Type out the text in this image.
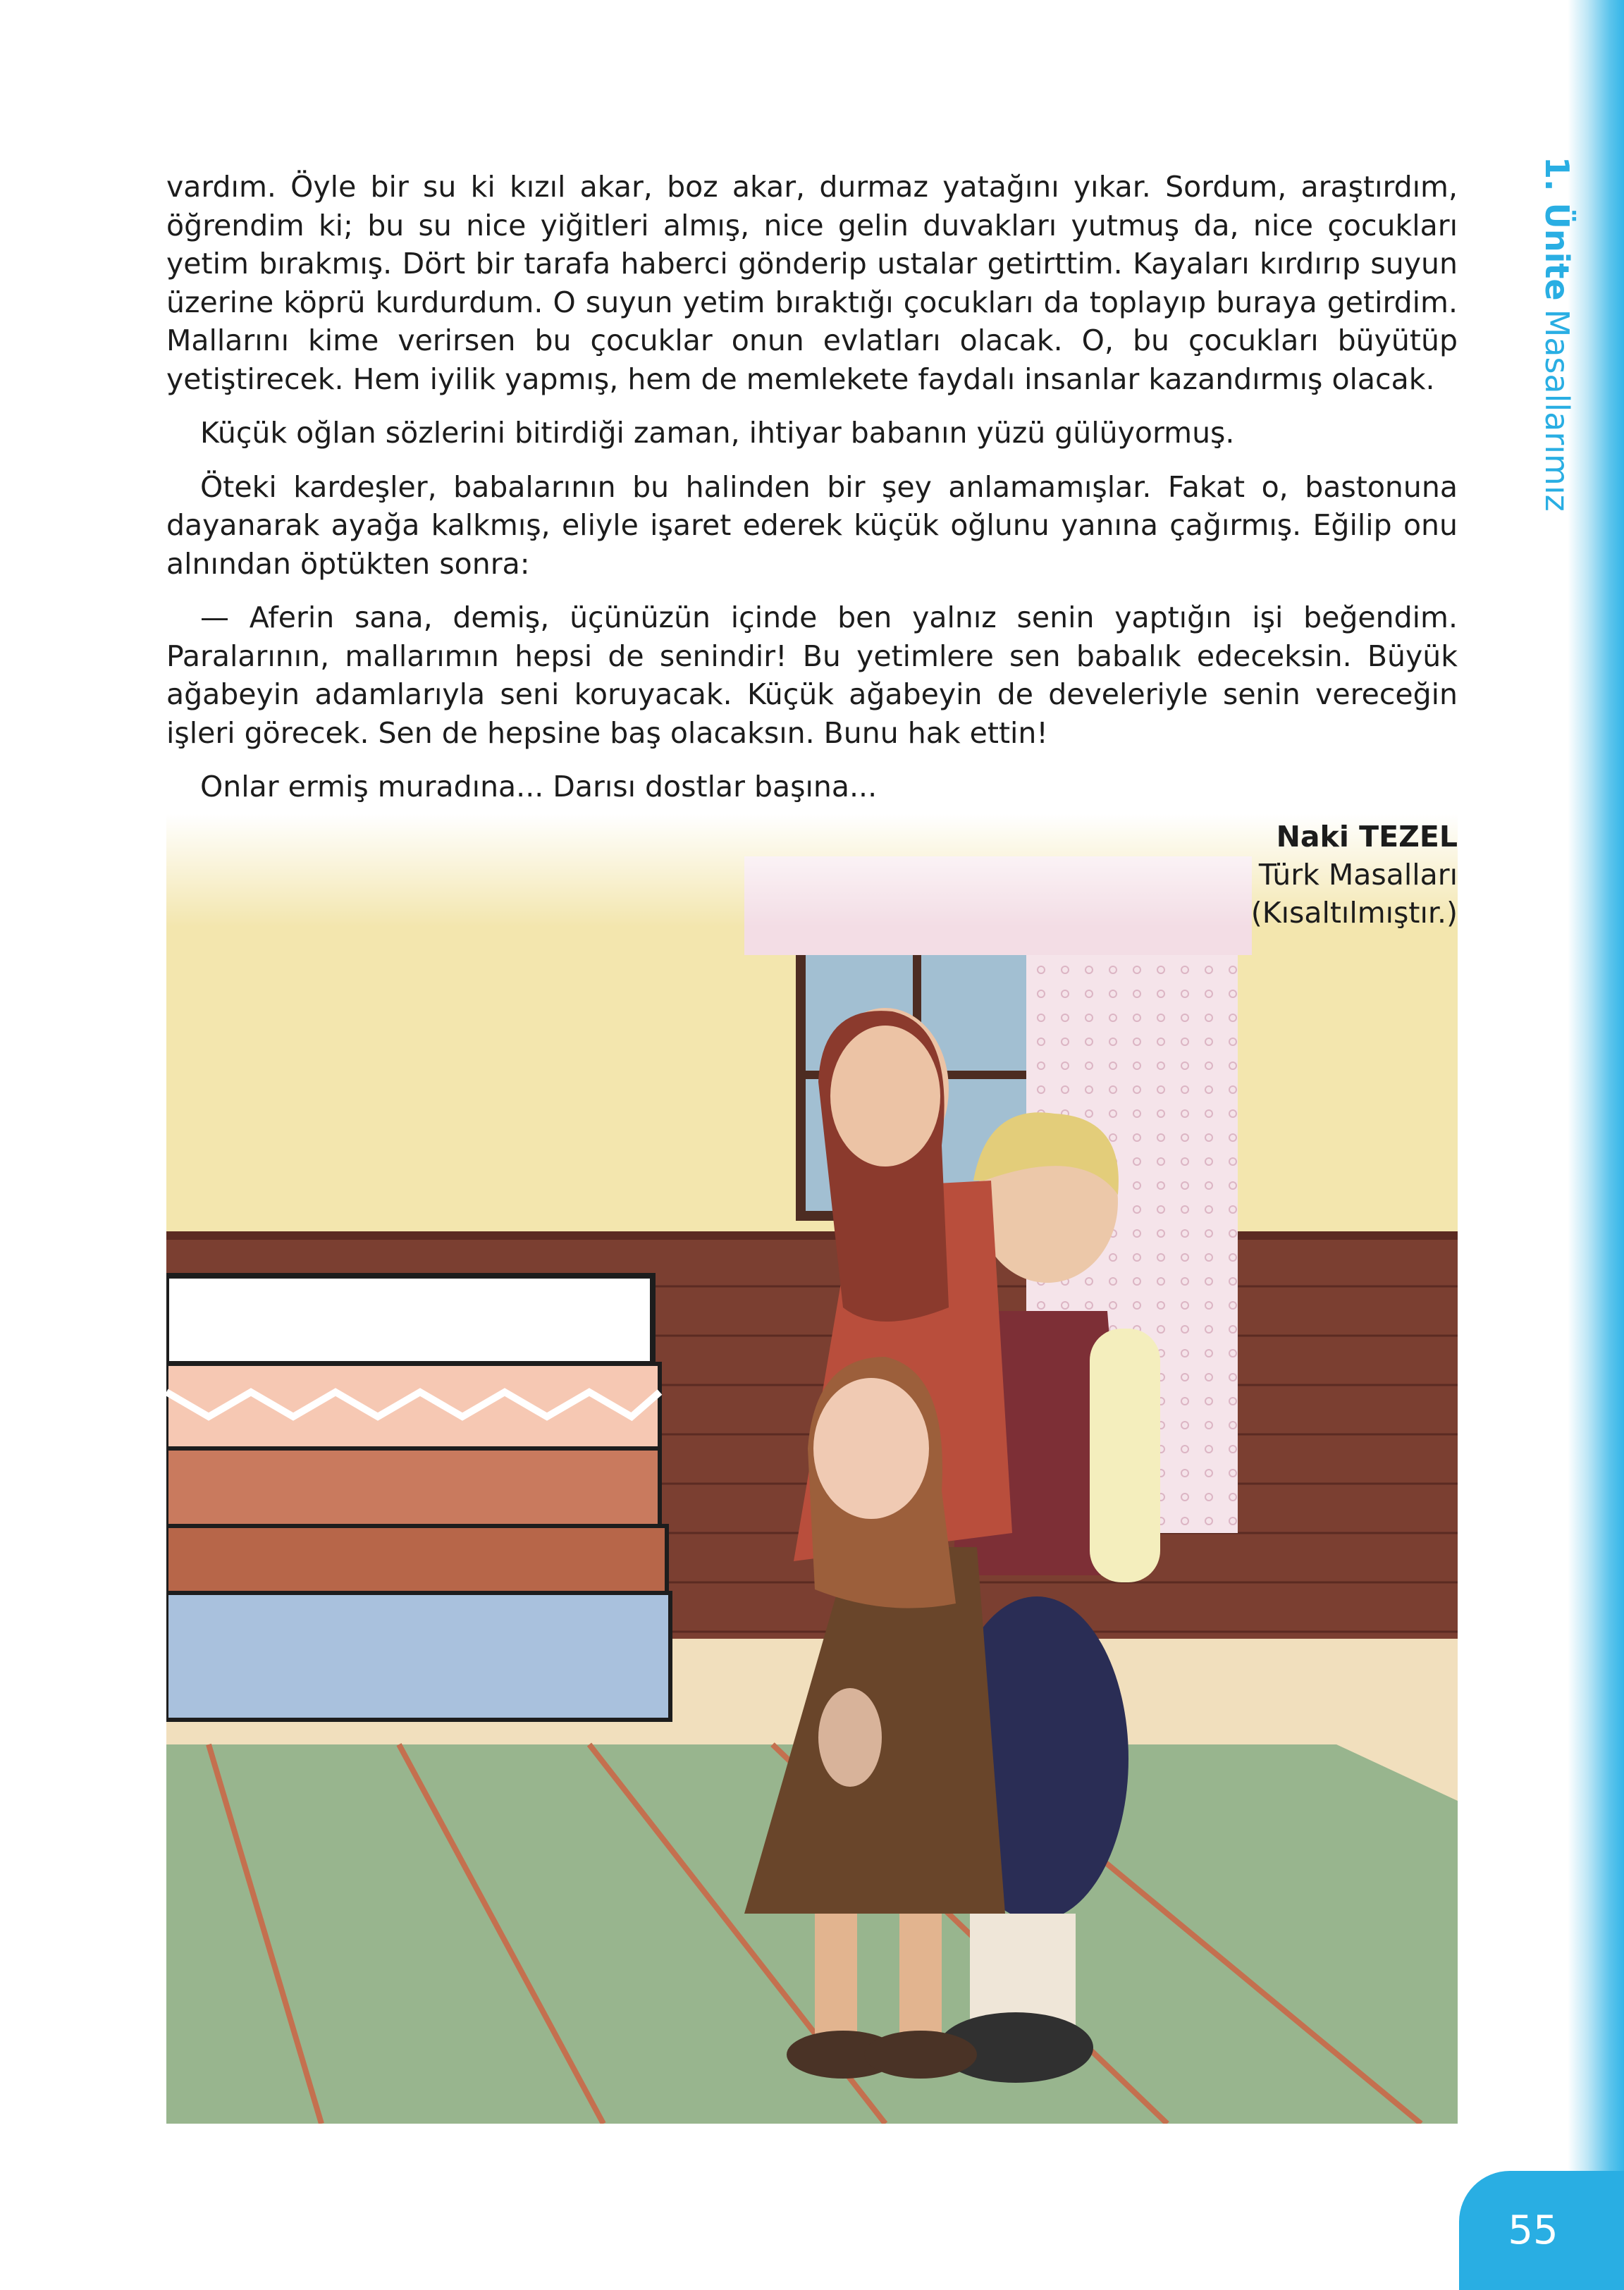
1. ÜniteMasallarımız

vardım. Öyle bir su ki kızıl akar, boz akar, durmaz yatağını yıkar. Sordum, araştırdım, öğrendim ki; bu su nice yiğitleri almış, nice gelin duvakları yutmuş da, nice çocukları yetim bırakmış. Dört bir tarafa haberci gönderip ustalar getirttim. Kayaları kırdırıp suyun üzerine köprü kurdurdum. O suyun yetim bıraktığı çocukları da toplayıp buraya getirdim. Mallarını kime verirsen bu çocuklar onun evlatları olacak. O, bu çocukları büyütüp yetiştirecek. Hem iyilik yapmış, hem de memlekete faydalı insanlar kazandırmış olacak.

Küçük oğlan sözlerini bitirdiği zaman, ihtiyar babanın yüzü gülüyormuş.

Öteki kardeşler, babalarının bu halinden bir şey anlamamışlar. Fakat o, bastonuna dayanarak ayağa kalkmış, eliyle işaret ederek küçük oğlunu yanına çağırmış. Eğilip onu alnından öptükten sonra:

— Aferin sana, demiş, üçünüzün içinde ben yalnız senin yaptığın işi beğendim. Paralarının, mallarımın hepsi de senindir! Bu yetimlere sen babalık edeceksin. Büyük ağabeyin adamlarıyla seni koruyacak. Küçük ağabeyin de develeriyle senin vereceğin işleri görecek. Sen de hepsine baş olacaksın. Bunu hak ettin!

Onlar ermiş muradına... Darısı dostlar başına...

Naki TEZEL
Türk Masalları
(Kısaltılmıştır.)
55
